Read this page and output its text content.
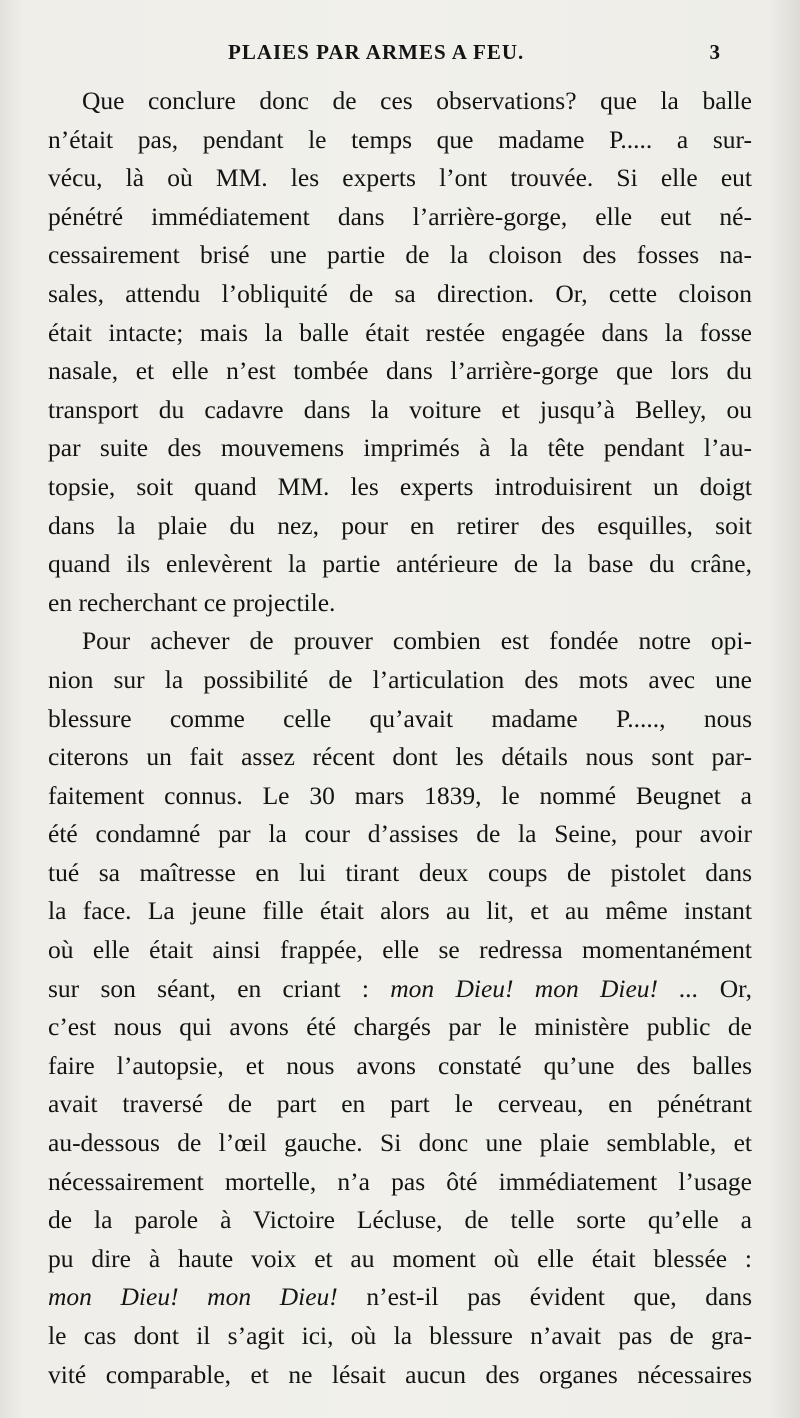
PLAIES PAR ARMES A FEU.	3
Que conclure donc de ces observations? que la balle
n’était pas, pendant le temps que madame P..... a sur-
vécu, là où MM. les experts l’ont trouvée. Si elle eut
pénétré immédiatement dans l’arrière-gorge, elle eut né-
cessairement brisé une partie de la cloison des fosses na-
sales, attendu l’obliquité de sa direction. Or, cette cloison
était intacte; mais la balle était restée engagée dans la fosse
nasale, et elle n’est tombée dans l’arrière-gorge que lors du
transport du cadavre dans la voiture et jusqu’à Belley, ou
par suite des mouvemens imprimés à la tête pendant l’au-
topsie, soit quand MM. les experts introduisirent un doigt
dans la plaie du nez, pour en retirer des esquilles, soit
quand ils enlevèrent la partie antérieure de la base du crâne,
en recherchant ce projectile.
Pour achever de prouver combien est fondée notre opi-
nion sur la possibilité de l’articulation des mots avec une
blessure comme celle qu’avait madame P....., nous
citerons un fait assez récent dont les détails nous sont par-
faitement connus. Le 30 mars 1839, le nommé Beugnet a
été condamné par la cour d’assises de la Seine, pour avoir
tué sa maîtresse en lui tirant deux coups de pistolet dans
la face. La jeune fille était alors au lit, et au même instant
où elle était ainsi frappée, elle se redressa momentanément
sur son séant, en criant : mon Dieu! mon Dieu! ... Or,
c’est nous qui avons été chargés par le ministère public de
faire l’autopsie, et nous avons constaté qu’une des balles
avait traversé de part en part le cerveau, en pénétrant
au-dessous de l’œil gauche. Si donc une plaie semblable, et
nécessairement mortelle, n’a pas ôté immédiatement l’usage
de la parole à Victoire Lécluse, de telle sorte qu’elle a
pu dire à haute voix et au moment où elle était blessée :
mon Dieu! mon Dieu! n’est-il pas évident que, dans
le cas dont il s’agit ici, où la blessure n’avait pas de gra-
vité comparable, et ne lésait aucun des organes nécessaires
